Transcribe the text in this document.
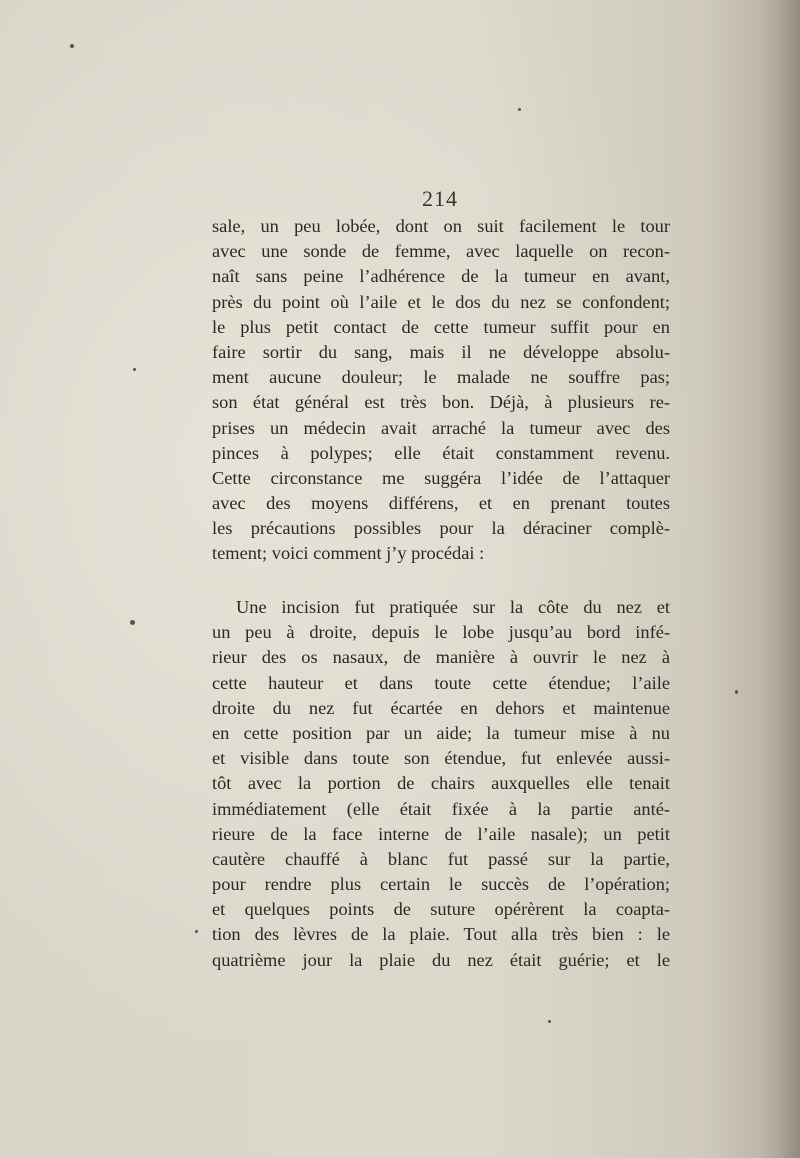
214
sale, un peu lobée, dont on suit facilement le tour
avec une sonde de femme, avec laquelle on recon-
naît sans peine l’adhérence de la tumeur en avant,
près du point où l’aile et le dos du nez se confondent;
le plus petit contact de cette tumeur suffit pour en
faire sortir du sang, mais il ne développe absolu-
ment aucune douleur; le malade ne souffre pas;
son état général est très bon. Déjà, à plusieurs re-
prises un médecin avait arraché la tumeur avec des
pinces à polypes; elle était constamment revenu.
Cette circonstance me suggéra l’idée de l’attaquer
avec des moyens différens, et en prenant toutes
les précautions possibles pour la déraciner complè-
tement; voici comment j’y procédai :
Une incision fut pratiquée sur la côte du nez et
un peu à droite, depuis le lobe jusqu’au bord infé-
rieur des os nasaux, de manière à ouvrir le nez à
cette hauteur et dans toute cette étendue; l’aile
droite du nez fut écartée en dehors et maintenue
en cette position par un aide; la tumeur mise à nu
et visible dans toute son étendue, fut enlevée aussi-
tôt avec la portion de chairs auxquelles elle tenait
immédiatement (elle était fixée à la partie anté-
rieure de la face interne de l’aile nasale); un petit
cautère chauffé à blanc fut passé sur la partie,
pour rendre plus certain le succès de l’opération;
et quelques points de suture opérèrent la coapta-
tion des lèvres de la plaie. Tout alla très bien : le
quatrième jour la plaie du nez était guérie; et le
